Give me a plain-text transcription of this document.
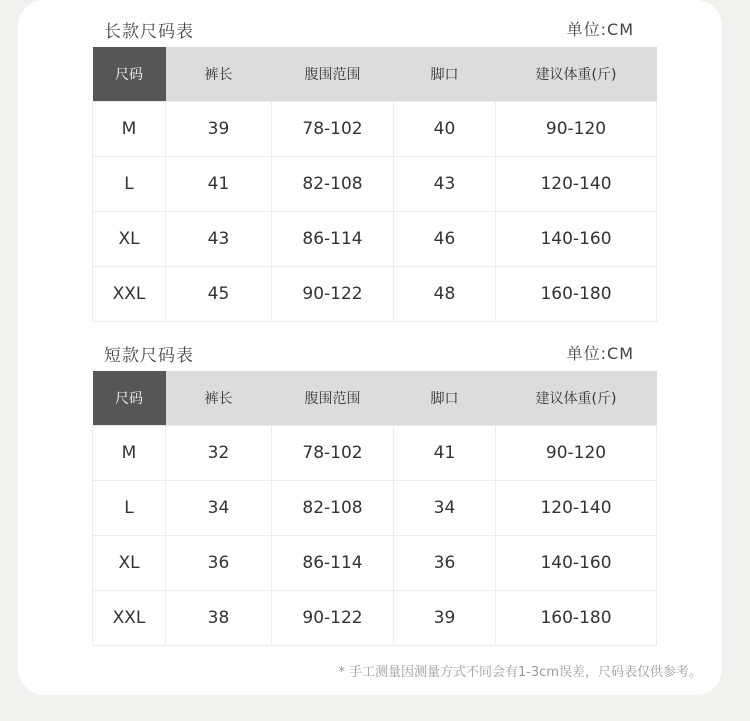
长款尺码表	单位:CM
尺码	裤长	腹围范围	脚口	建议体重(斤)
M	39	78-102	40	90-120
L	41	82-108	43	120-140
XL	43	86-114	46	140-160
XXL	45	90-122	48	160-180
短款尺码表	单位:CM
尺码	裤长	腹围范围	脚口	建议体重(斤)
M	32	78-102	41	90-120
L	34	82-108	34	120-140
XL	36	86-114	36	140-160
XXL	38	90-122	39	160-180
* 手工测量因测量方式不同会有1-3cm误差，尺码表仅供参考。
